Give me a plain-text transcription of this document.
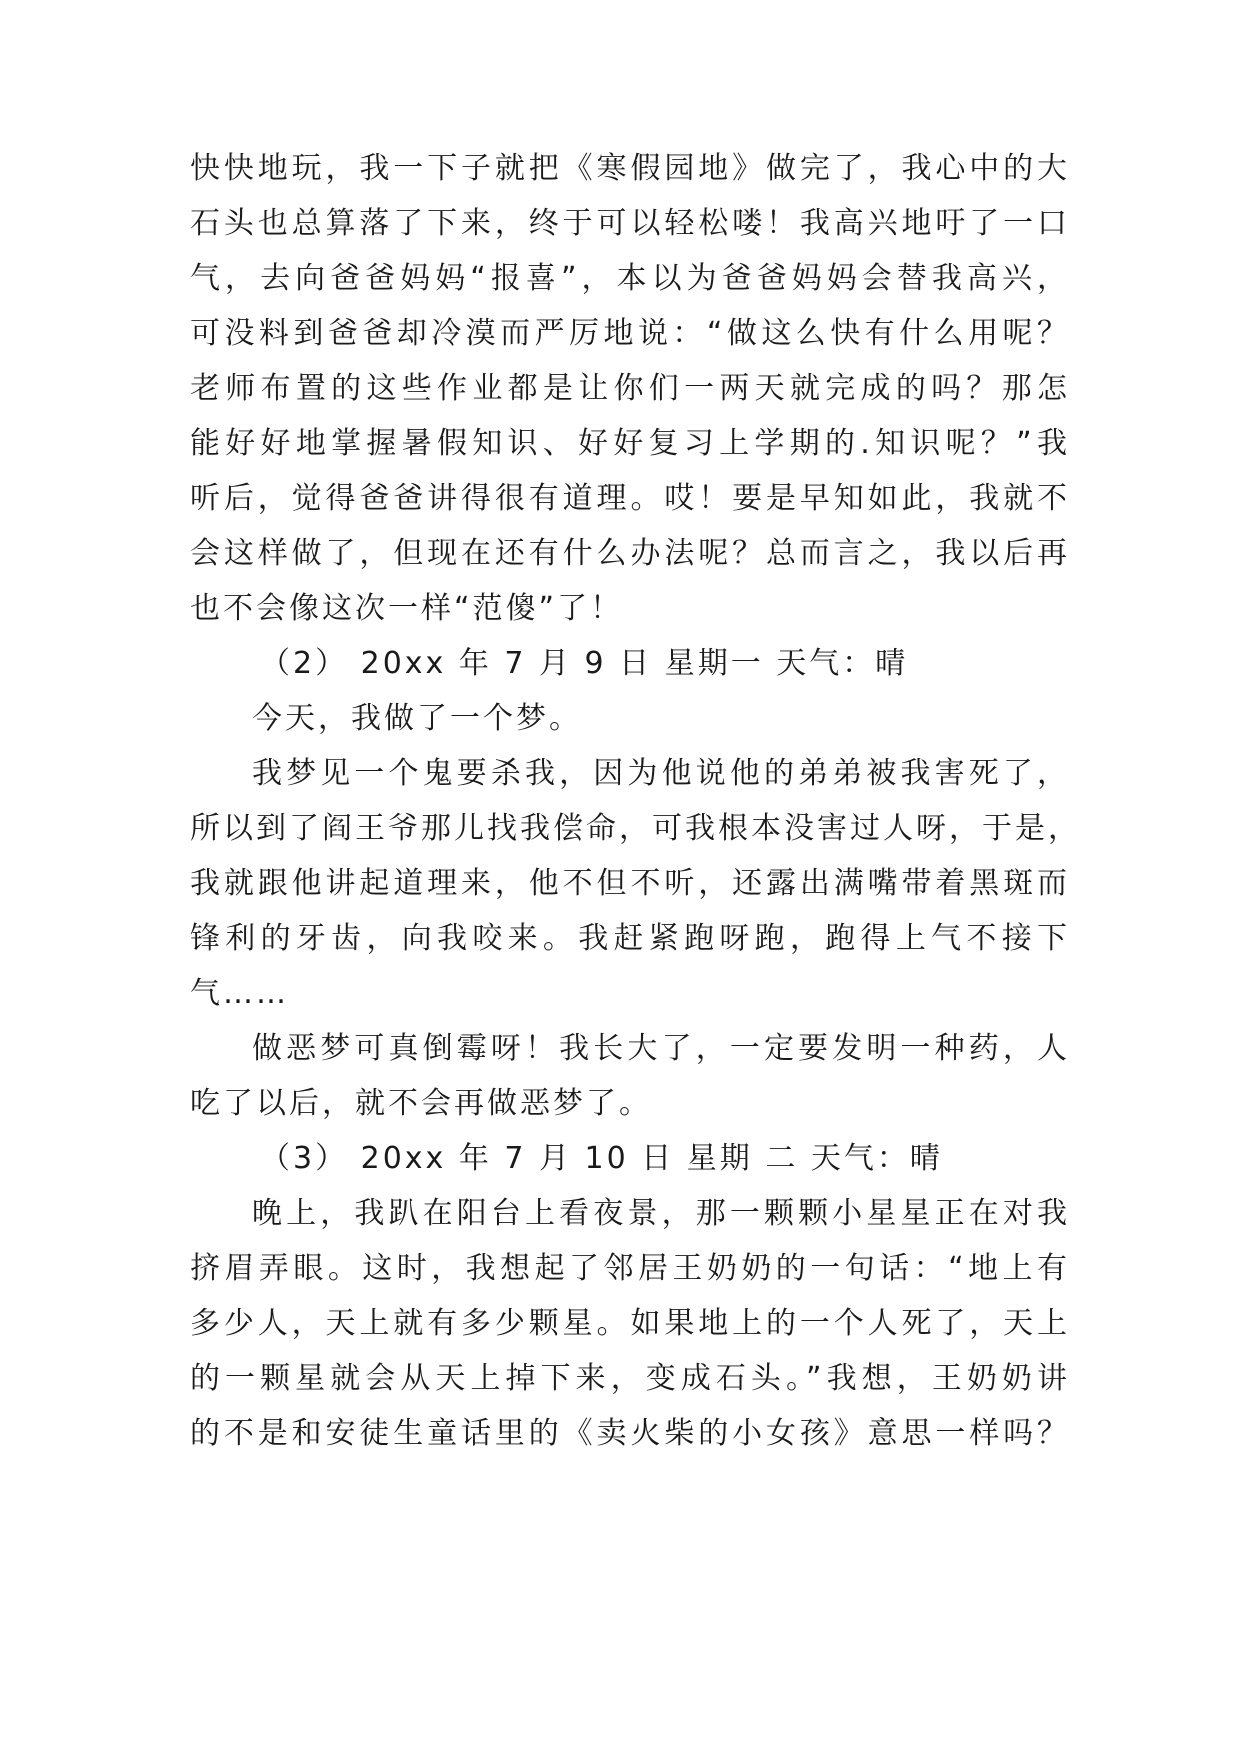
快快地玩，我一下子就把《寒假园地》做完了，我心中的大
石头也总算落了下来，终于可以轻松喽！我高兴地吁了一口
气，去向爸爸妈妈“报喜”，本以为爸爸妈妈会替我高兴，
可没料到爸爸却冷漠而严厉地说：“做这么快有什么用呢？
老师布置的这些作业都是让你们一两天就完成的吗？那怎
能好好地掌握暑假知识、好好复习上学期的.知识呢？”我
听后，觉得爸爸讲得很有道理。哎！要是早知如此，我就不
会这样做了，但现在还有什么办法呢？总而言之，我以后再
也不会像这次一样“范傻”了！
（2） 20xx 年 7 月 9 日 星期一 天气：晴
今天，我做了一个梦。
我梦见一个鬼要杀我，因为他说他的弟弟被我害死了，
所以到了阎王爷那儿找我偿命，可我根本没害过人呀，于是，
我就跟他讲起道理来，他不但不听，还露出满嘴带着黑斑而
锋利的牙齿，向我咬来。我赶紧跑呀跑，跑得上气不接下
气……
做恶梦可真倒霉呀！我长大了，一定要发明一种药，人
吃了以后，就不会再做恶梦了。
（3） 20xx 年 7 月 10 日 星期 二 天气：晴
晚上，我趴在阳台上看夜景，那一颗颗小星星正在对我
挤眉弄眼。这时，我想起了邻居王奶奶的一句话：“地上有
多少人，天上就有多少颗星。如果地上的一个人死了，天上
的一颗星就会从天上掉下来，变成石头。”我想，王奶奶讲
的不是和安徒生童话里的《卖火柴的小女孩》意思一样吗？
